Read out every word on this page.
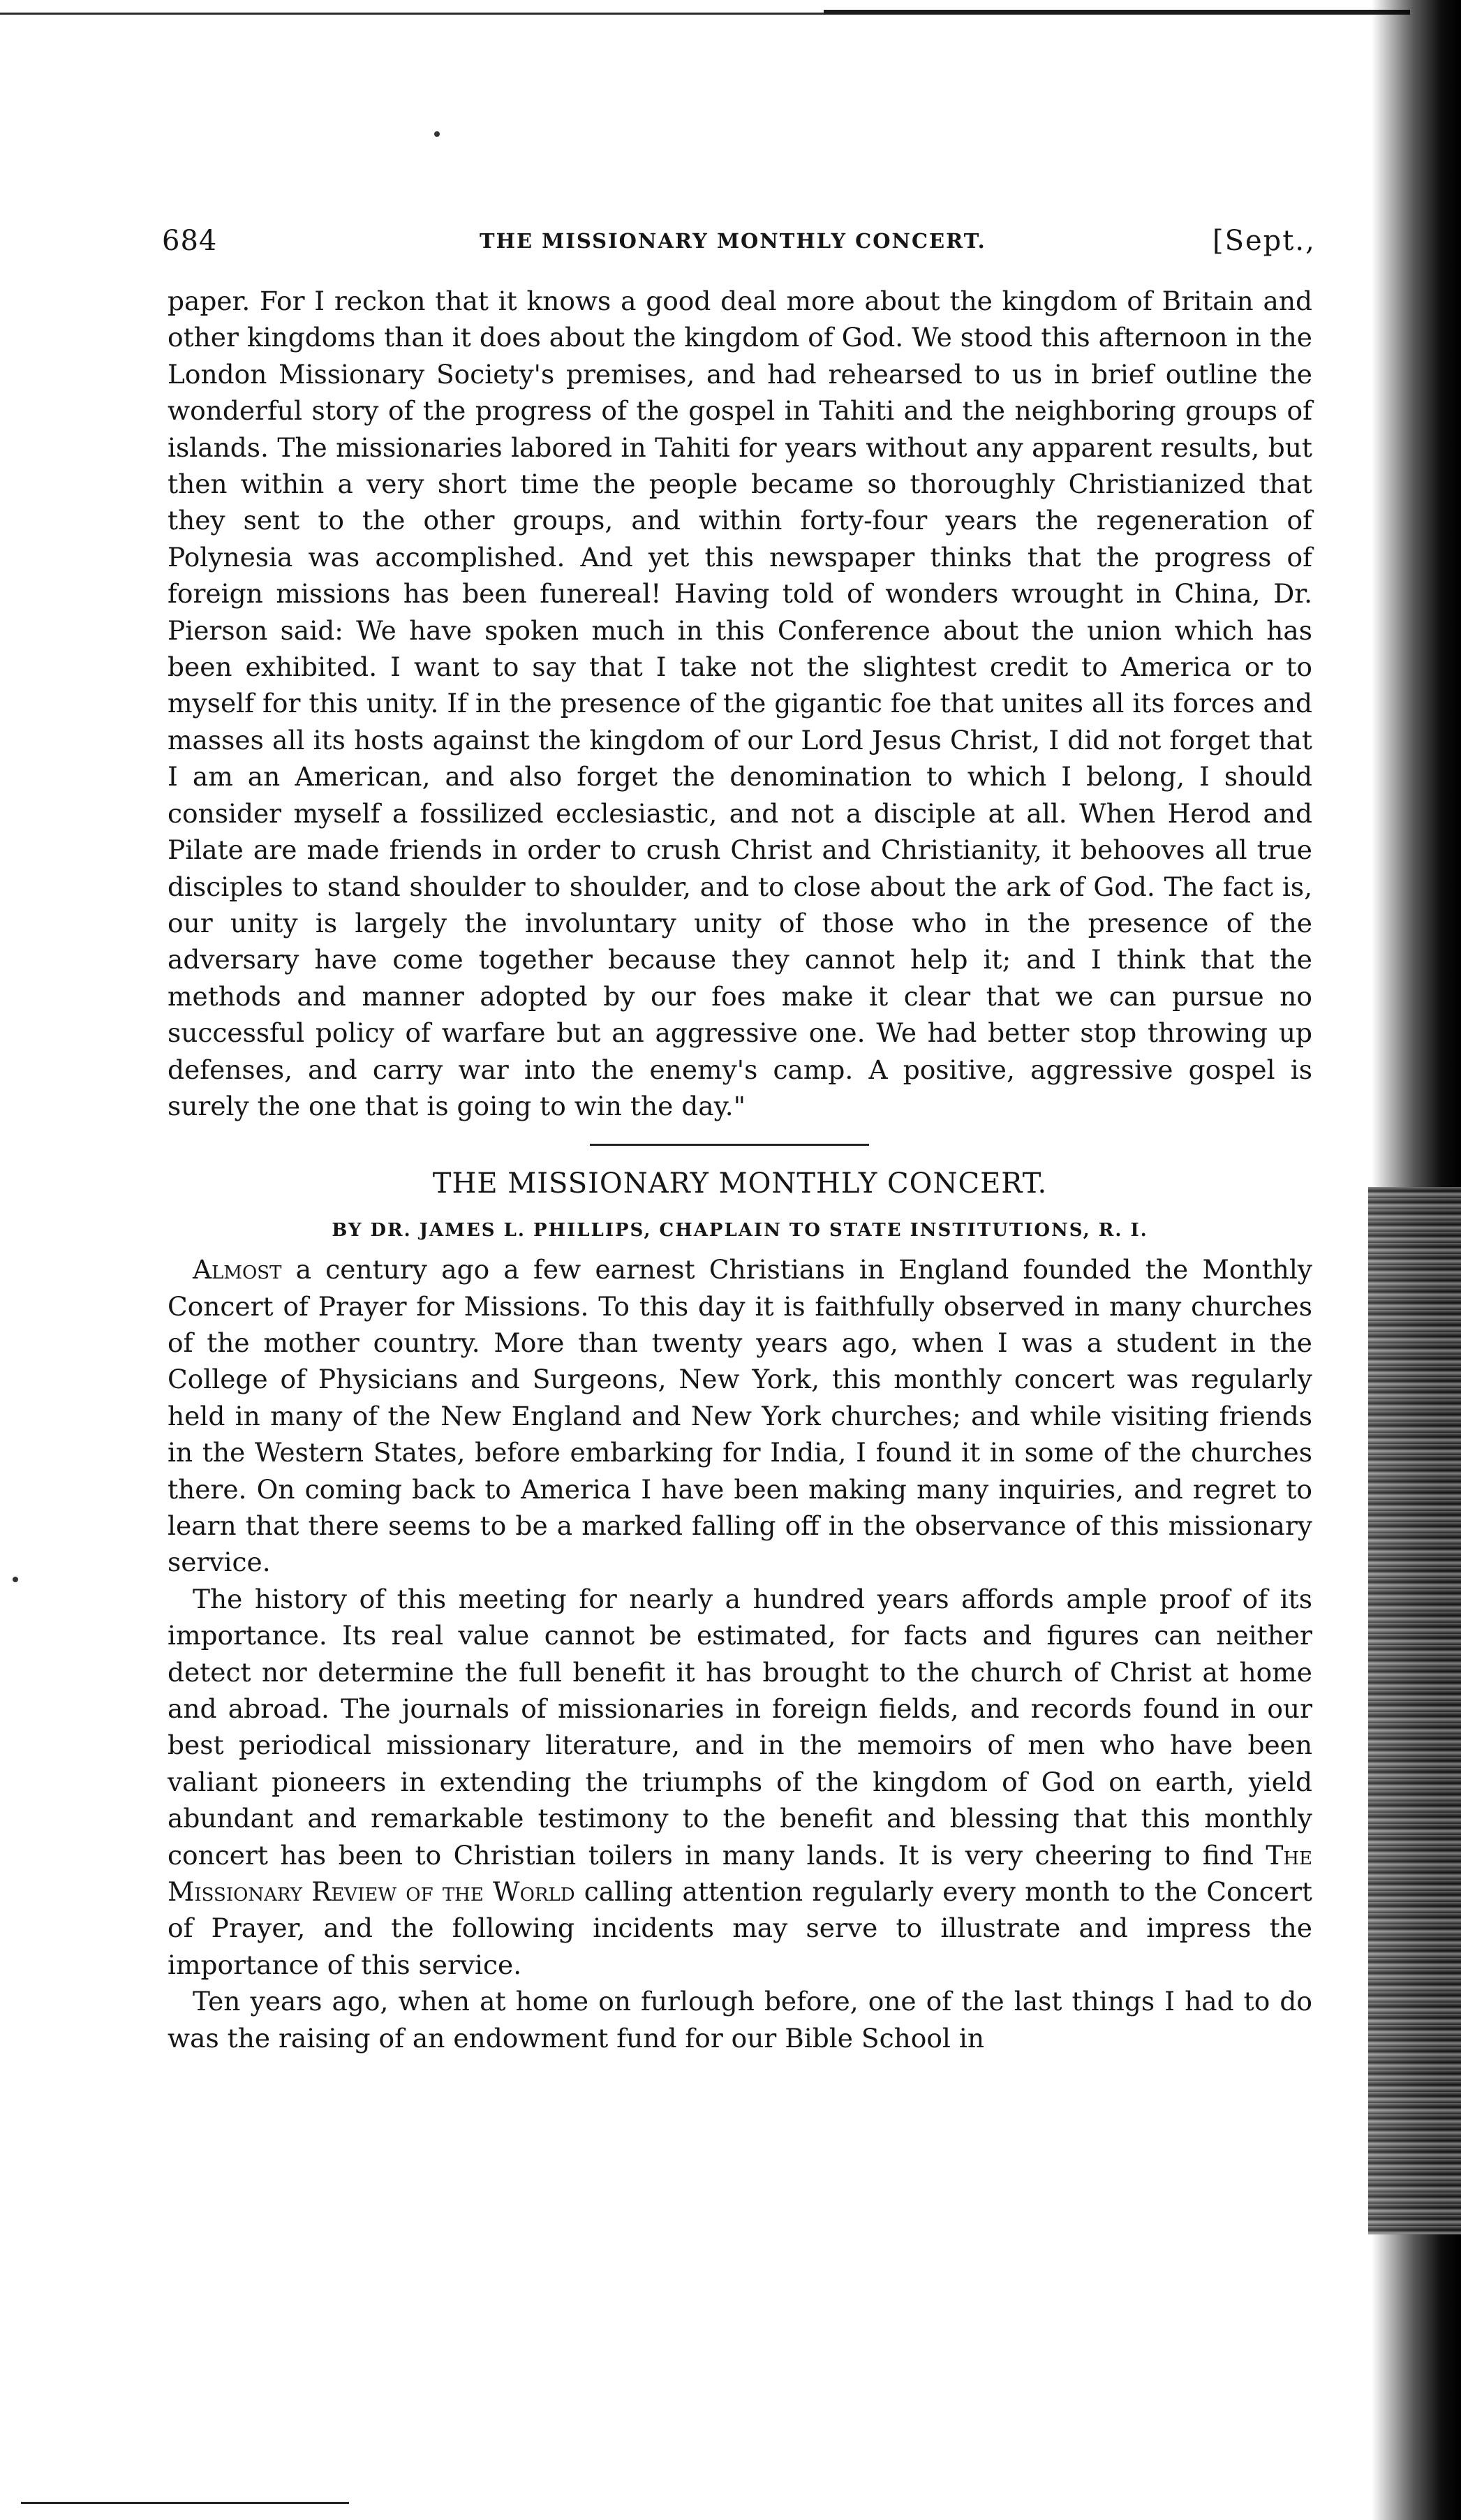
684	THE MISSIONARY MONTHLY CONCERT.	[Sept.,

paper. For I reckon that it knows a good deal more about the kingdom of Britain and other kingdoms than it does about the kingdom of God. We stood this afternoon in the London Missionary Society's premises, and had rehearsed to us in brief outline the wonderful story of the progress of the gospel in Tahiti and the neighboring groups of islands. The missionaries labored in Tahiti for years without any apparent results, but then within a very short time the people became so thoroughly Christianized that they sent to the other groups, and within forty-four years the regeneration of Polynesia was accomplished. And yet this newspaper thinks that the progress of foreign missions has been funereal! Having told of wonders wrought in China, Dr. Pierson said: We have spoken much in this Conference about the union which has been exhibited. I want to say that I take not the slightest credit to America or to myself for this unity. If in the presence of the gigantic foe that unites all its forces and masses all its hosts against the kingdom of our Lord Jesus Christ, I did not forget that I am an American, and also forget the denomination to which I belong, I should consider myself a fossilized ecclesiastic, and not a disciple at all. When Herod and Pilate are made friends in order to crush Christ and Christianity, it behooves all true disciples to stand shoulder to shoulder, and to close about the ark of God. The fact is, our unity is largely the involuntary unity of those who in the presence of the adversary have come together because they cannot help it; and I think that the methods and manner adopted by our foes make it clear that we can pursue no successful policy of warfare but an aggressive one. We had better stop throwing up defenses, and carry war into the enemy's camp. A positive, aggressive gospel is surely the one that is going to win the day."

THE MISSIONARY MONTHLY CONCERT.
BY DR. JAMES L. PHILLIPS, CHAPLAIN TO STATE INSTITUTIONS, R. I.

Almost a century ago a few earnest Christians in England founded the Monthly Concert of Prayer for Missions. To this day it is faithfully observed in many churches of the mother country. More than twenty years ago, when I was a student in the College of Physicians and Surgeons, New York, this monthly concert was regularly held in many of the New England and New York churches; and while visiting friends in the Western States, before embarking for India, I found it in some of the churches there. On coming back to America I have been making many inquiries, and regret to learn that there seems to be a marked falling off in the observance of this missionary service.

The history of this meeting for nearly a hundred years affords ample proof of its importance. Its real value cannot be estimated, for facts and figures can neither detect nor determine the full benefit it has brought to the church of Christ at home and abroad. The journals of missionaries in foreign fields, and records found in our best periodical missionary literature, and in the memoirs of men who have been valiant pioneers in extending the triumphs of the kingdom of God on earth, yield abundant and remarkable testimony to the benefit and blessing that this monthly concert has been to Christian toilers in many lands. It is very cheering to find The Missionary Review of the World calling attention regularly every month to the Concert of Prayer, and the following incidents may serve to illustrate and impress the importance of this service.

Ten years ago, when at home on furlough before, one of the last things I had to do was the raising of an endowment fund for our Bible School in
